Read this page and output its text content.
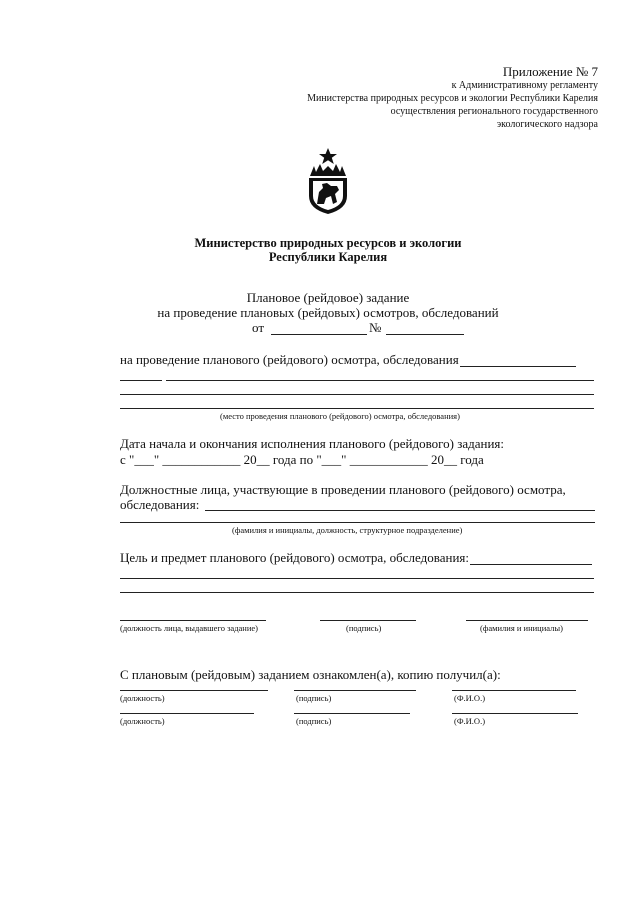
Приложение № 7
к Административному регламенту
Министерства природных ресурсов и экологии Республики Карелия
осуществления регионального государственного
экологического надзора
Министерство природных ресурсов и экологии
Республики Карелия
Плановое (рейдовое) задание
на проведение плановых (рейдовых) осмотров, обследований
от	№
на проведение планового (рейдового) осмотра, обследования
(место проведения планового (рейдового) осмотра, обследования)
Дата начала и окончания исполнения планового (рейдового) задания:
с "___" ____________ 20__ года по "___" ____________ 20__ года
Должностные лица, участвующие в проведении планового (рейдового) осмотра,
обследования:
(фамилия и инициалы, должность, структурное подразделение)
Цель и предмет планового (рейдового) осмотра, обследования:
(должность лица, выдавшего задание)	(подпись)	(фамилия и инициалы)
С плановым (рейдовым) заданием ознакомлен(а), копию получил(а):
(должность)	(подпись)	(Ф.И.О.)
(должность)	(подпись)	(Ф.И.О.)
